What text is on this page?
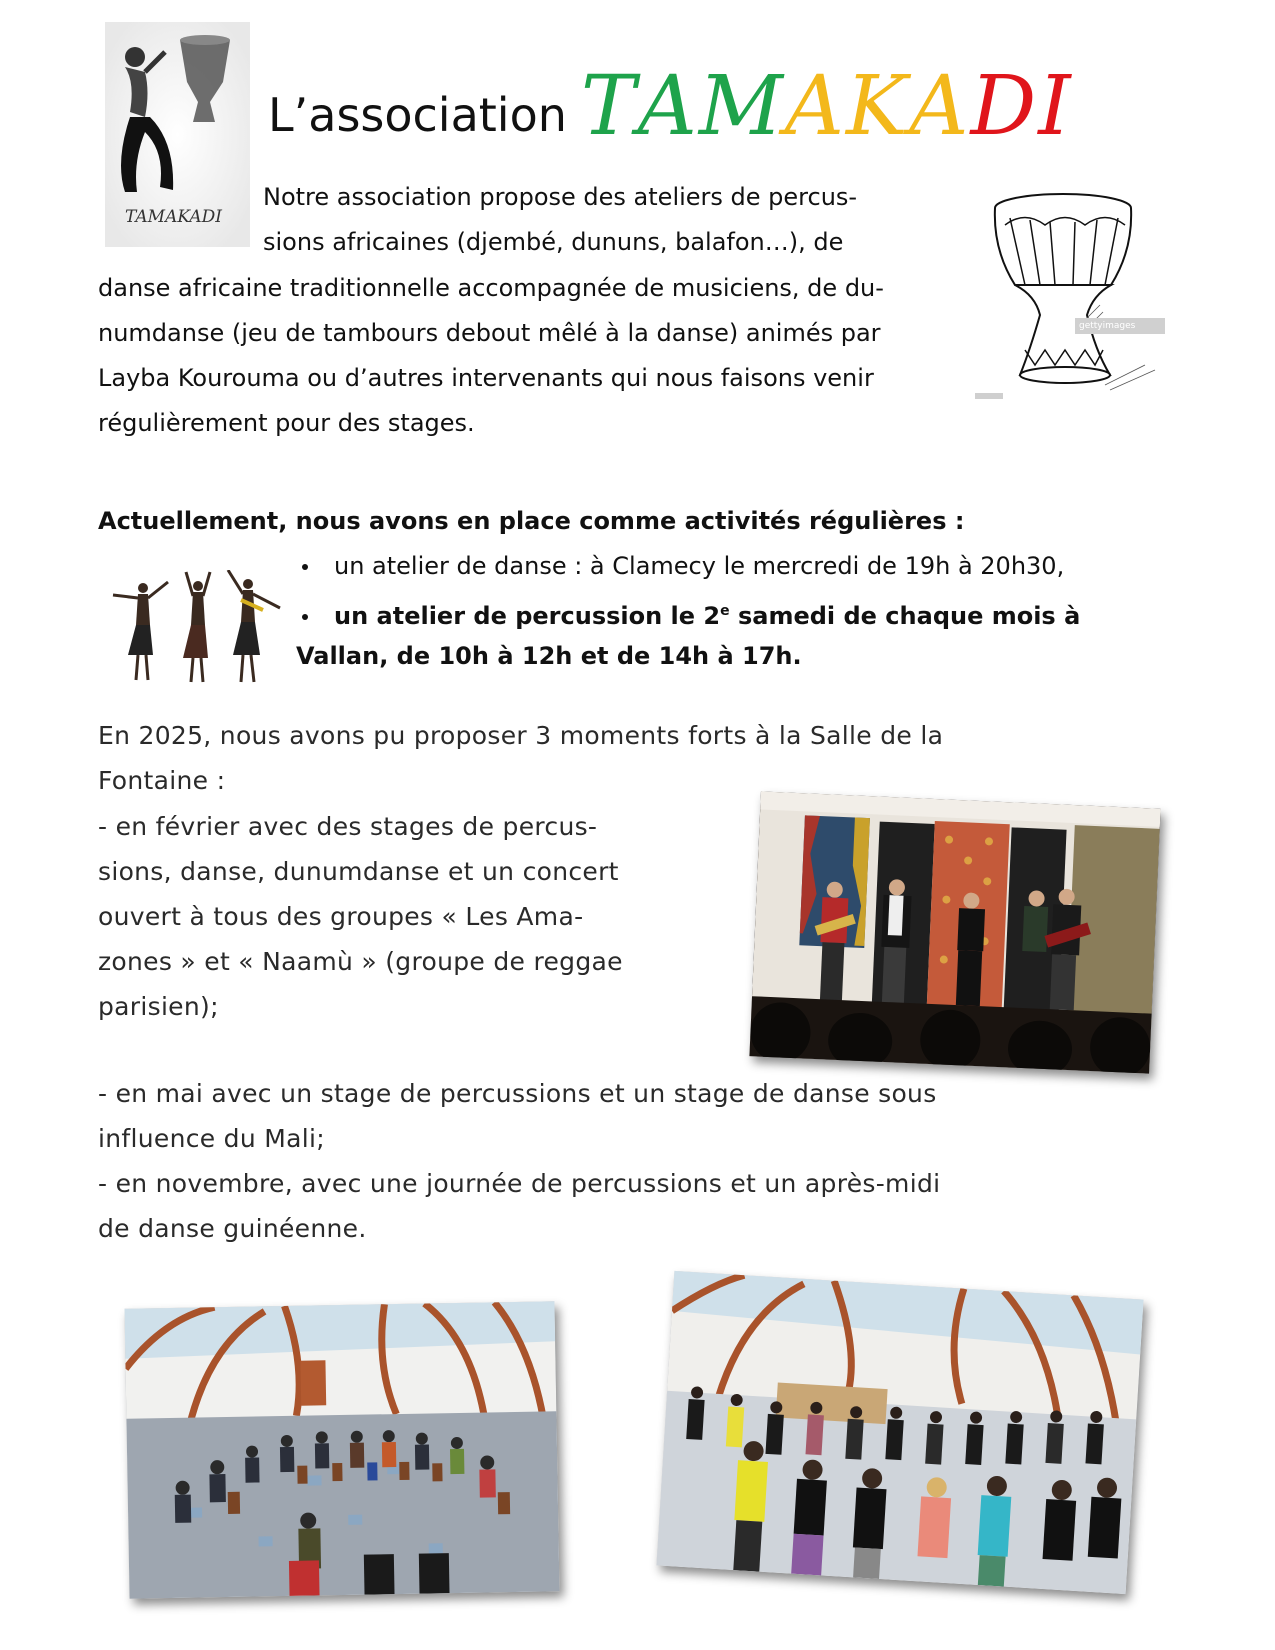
TAMAKADI
L’association TAMAKADI
Notre association propose des ateliers de percus-
sions africaines (djembé, dununs, balafon…), de
danse africaine traditionnelle accompagnée de musiciens, de du-
numdanse (jeu de tambours debout mêlé à la danse) animés par
Layba Kourouma ou d’autres intervenants qui nous faisons venir
régulièrement pour des stages.
gettyimages
Actuellement, nous avons en place comme activités régulières :
un atelier de danse : à Clamecy le mercredi de 19h à 20h30,
un atelier de percussion le 2e samedi de chaque mois à
Vallan, de 10h à 12h et de 14h à 17h.
En 2025, nous avons pu proposer 3 moments forts à la Salle de la
Fontaine :
- en février avec des stages de percus-
sions, danse, dunumdanse et un concert
ouvert à tous des groupes « Les Ama-
zones » et « Naamù » (groupe de reggae
parisien);
- en mai avec un stage de percussions et un stage de danse sous
influence du Mali;
- en novembre, avec une journée de percussions et un après-midi
de danse guinéenne.
